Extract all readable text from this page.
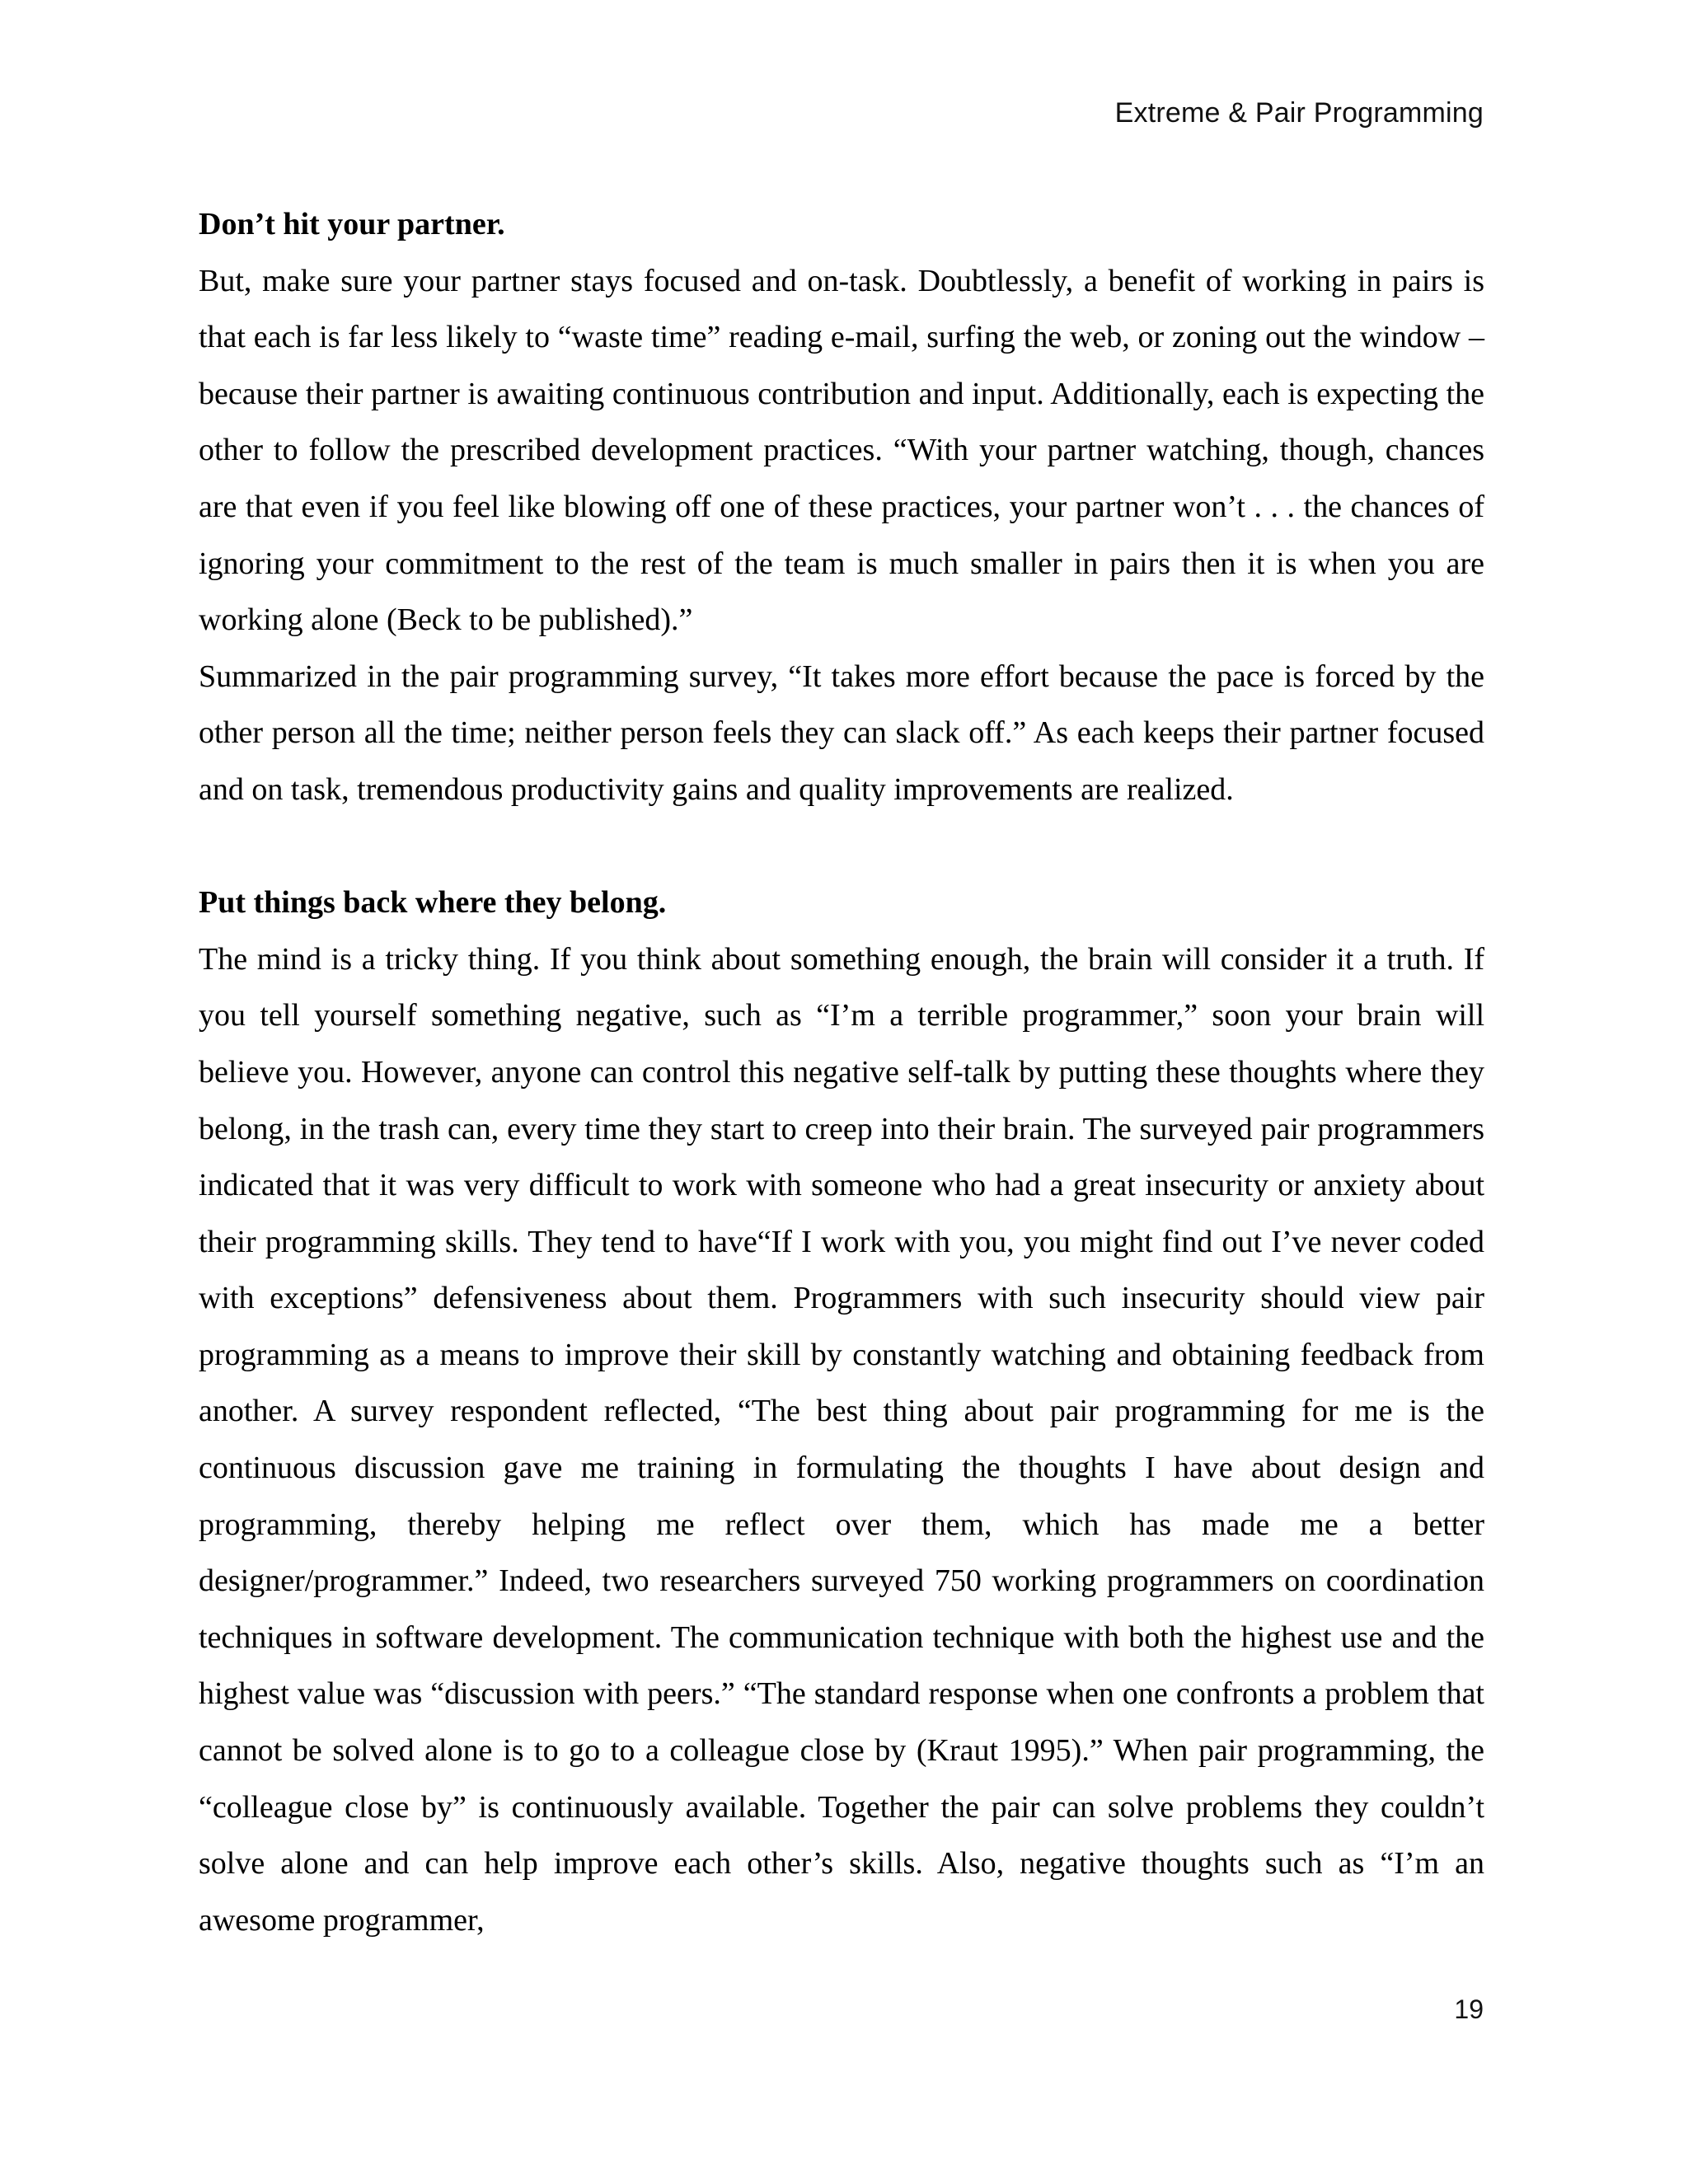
Extreme & Pair Programming

Don’t hit your partner.

But, make sure your partner stays focused and on-task. Doubtlessly, a benefit of working in pairs is that each is far less likely to “waste time” reading e-mail, surfing the web, or zoning out the window – because their partner is awaiting continuous contribution and input. Additionally, each is expecting the other to follow the prescribed development practices. “With your partner watching, though, chances are that even if you feel like blowing off one of these practices, your partner won’t . . . the chances of ignoring your commitment to the rest of the team is much smaller in pairs then it is when you are working alone (Beck to be published).”

Summarized in the pair programming survey, “It takes more effort because the pace is forced by the other person all the time; neither person feels they can slack off.” As each keeps their partner focused and on task, tremendous productivity gains and quality improvements are realized.

Put things back where they belong.

The mind is a tricky thing. If you think about something enough, the brain will consider it a truth. If you tell yourself something negative, such as “I’m a terrible programmer,” soon your brain will believe you. However, anyone can control this negative self-talk by putting these thoughts where they belong, in the trash can, every time they start to creep into their brain. The surveyed pair programmers indicated that it was very difficult to work with someone who had a great insecurity or anxiety about their programming skills. They tend to have“If I work with you, you might find out I’ve never coded with exceptions” defensiveness about them. Programmers with such insecurity should view pair programming as a means to improve their skill by constantly watching and obtaining feedback from another. A survey respondent reflected, “The best thing about pair programming for me is the continuous discussion gave me training in formulating the thoughts I have about design and programming, thereby helping me reflect over them, which has made me a better designer/programmer.” Indeed, two researchers surveyed 750 working programmers on coordination techniques in software development. The communication technique with both the highest use and the highest value was “discussion with peers.” “The standard response when one confronts a problem that cannot be solved alone is to go to a colleague close by (Kraut 1995).” When pair programming, the “colleague close by” is continuously available. Together the pair can solve problems they couldn’t solve alone and can help improve each other’s skills. Also, negative thoughts such as “I’m an awesome programmer,

19
